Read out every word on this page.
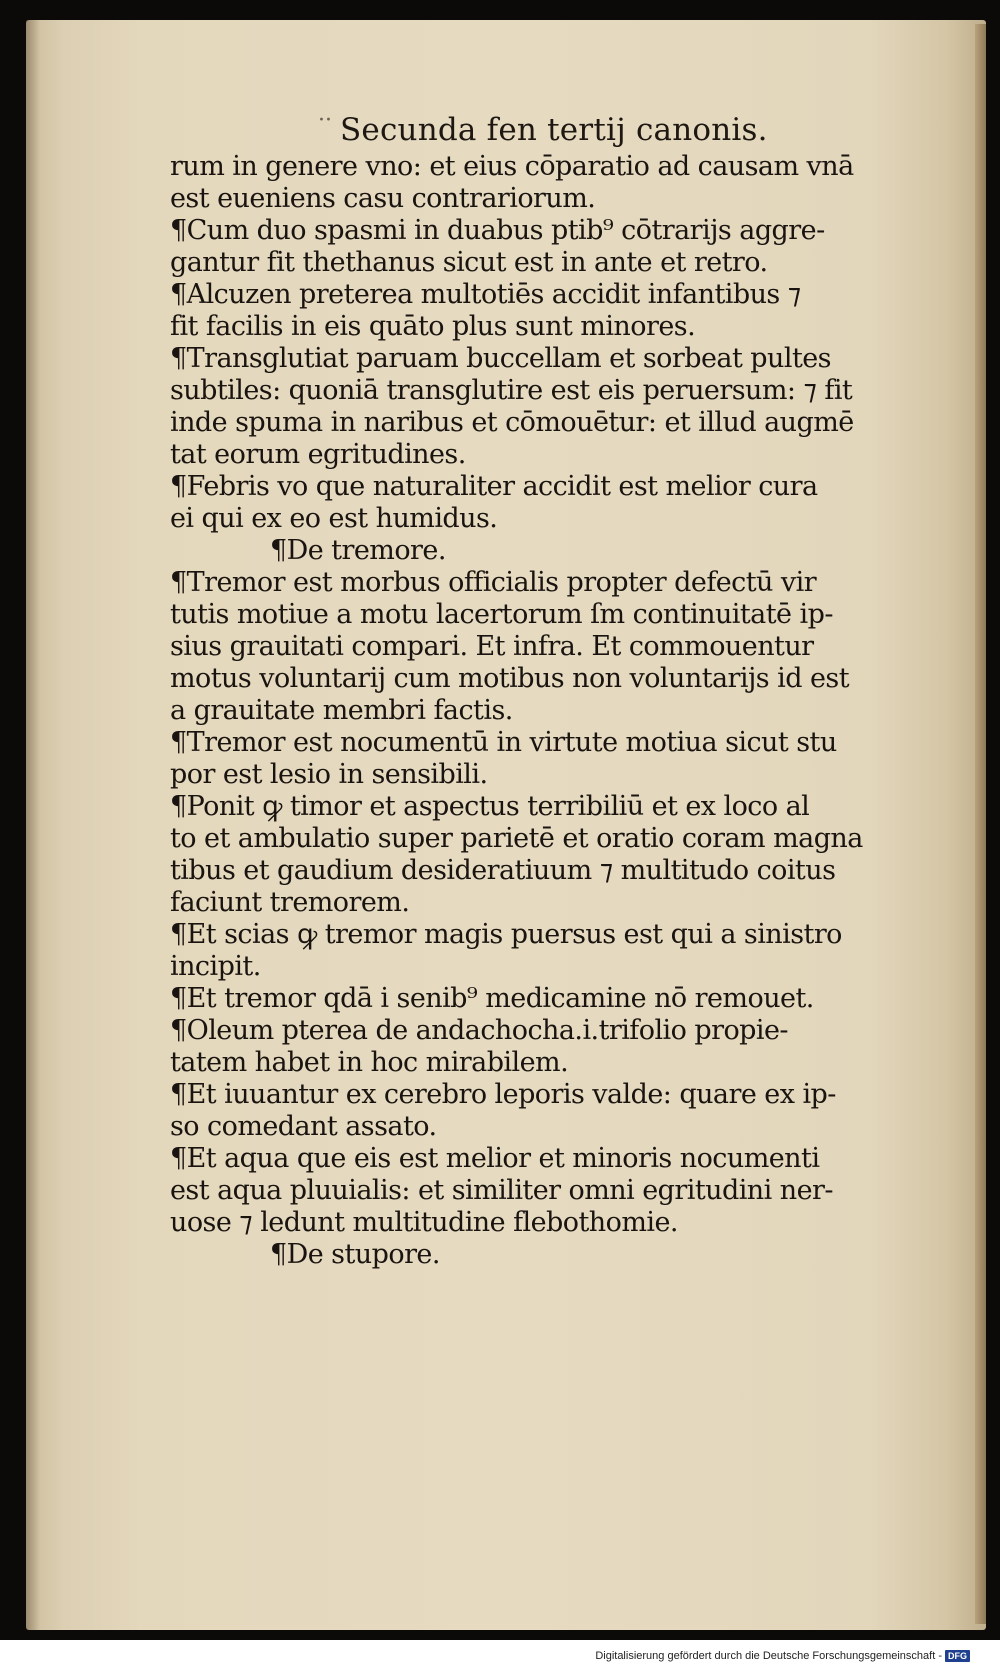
·· Secunda fen tertij canonis.
rum in genere vno: et eius cōparatio ad causam vnā
est eueniens casu contrariorum.
¶Cum duo spasmi in duabus ptib⁹ cōtrarijs aggre-
gantur fit thethanus sicut est in ante et retro.
¶Alcuzen preterea multotiēs accidit infantibus ⁊
fit facilis in eis quāto plus sunt minores.
¶Transglutiat paruam buccellam et sorbeat pultes
subtiles: quoniā transglutire est eis peruersum: ⁊ fit
inde spuma in naribus et cōmouētur: et illud augmē
tat eorum egritudines.
¶Febris vo que naturaliter accidit est melior cura
ei qui ex eo est humidus.
¶De tremore.
¶Tremor est morbus officialis propter defectū vir
tutis motiue a motu lacertorum ſm continuitatē ip-
sius grauitati compari. Et infra. Et commouentur
motus voluntarij cum motibus non voluntarijs id est
a grauitate membri factis.
¶Tremor est nocumentū in virtute motiua sicut stu
por est lesio in sensibili.
¶Ponit ꝙ timor et aspectus terribiliū et ex loco al
to et ambulatio super parietē et oratio coram magna
tibus et gaudium desideratiuum ⁊ multitudo coitus
faciunt tremorem.
¶Et scias ꝙ tremor magis puersus est qui a sinistro
incipit.
¶Et tremor qdā i senib⁹ medicamine nō remouet.
¶Oleum pterea de andachocha.i.trifolio propie-
tatem habet in hoc mirabilem.
¶Et iuuantur ex cerebro leporis valde: quare ex ip-
so comedant assato.
¶Et aqua que eis est melior et minoris nocumenti
est aqua pluuialis: et similiter omni egritudini ner-
uose ⁊ ledunt multitudine flebothomie.
¶De stupore.
Digitalisierung gefördert durch die Deutsche Forschungsgemeinschaft - DFG
